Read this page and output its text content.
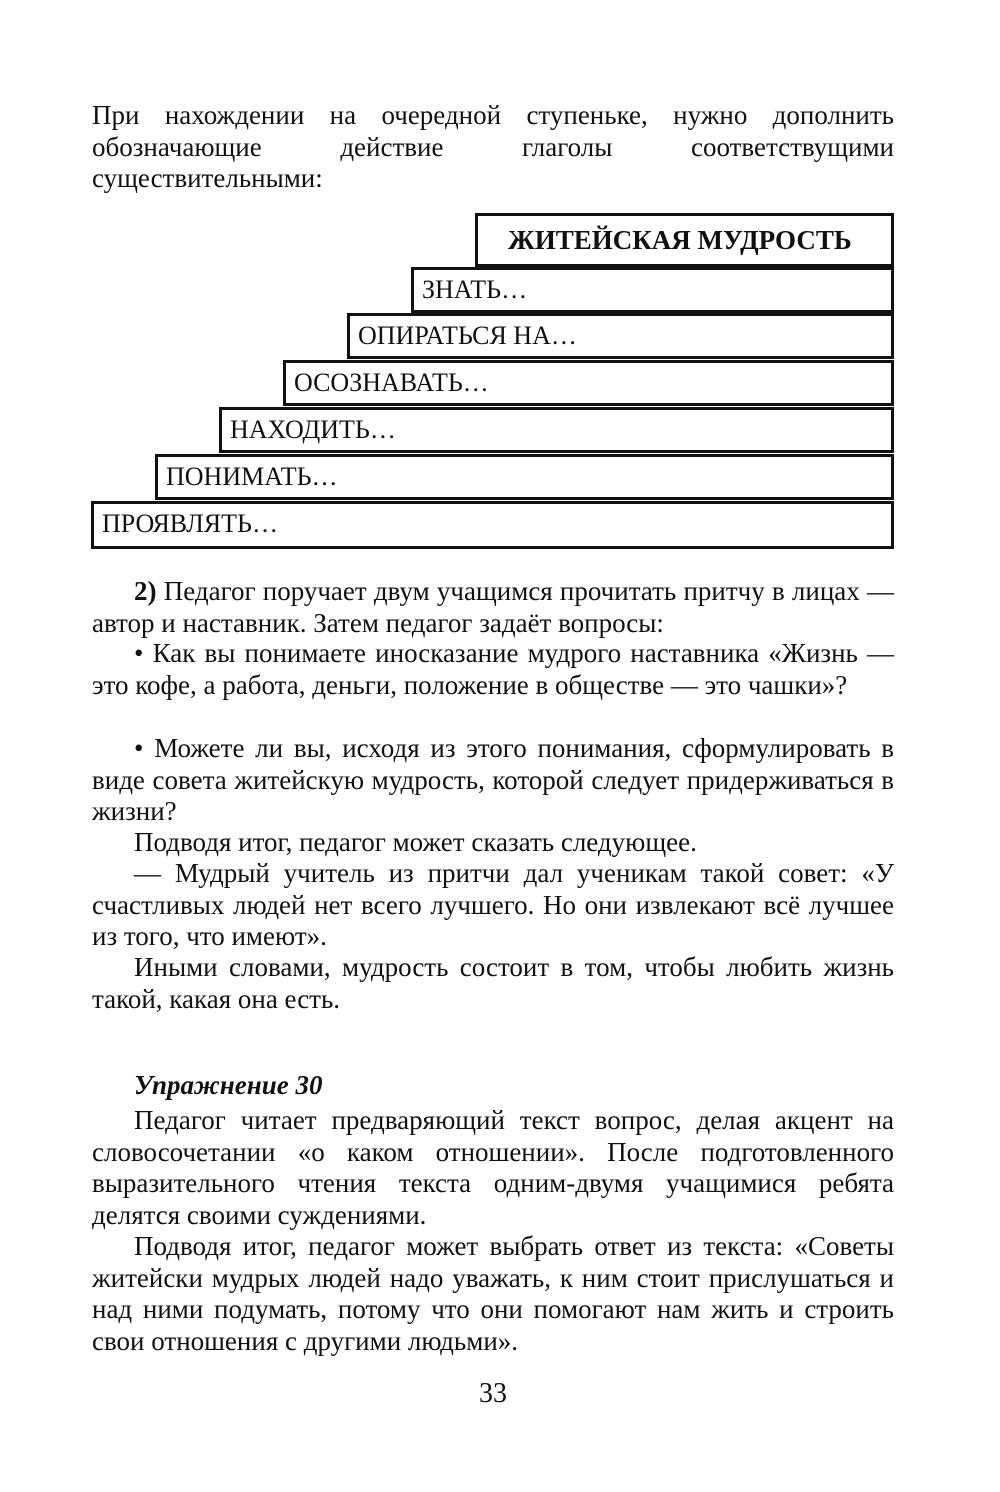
При нахождении на очередной ступеньке, нужно дополнить обозначающие действие глаголы соответствущими существительными:
ЖИТЕЙСКАЯ МУДРОСТЬ
ЗНАТЬ…
ОПИРАТЬСЯ НА…
ОСОЗНАВАТЬ…
НАХОДИТЬ…
ПОНИМАТЬ…
ПРОЯВЛЯТЬ…
2) Педагог поручает двум учащимся прочитать притчу в лицах — автор и наставник. Затем педагог задаёт вопросы:
• Как вы понимаете иносказание мудрого наставника «Жизнь — это кофе, а работа, деньги, положение в обществе — это чашки»?
• Можете ли вы, исходя из этого понимания, сформулировать в виде совета житейскую мудрость, которой следует придерживаться в жизни?
Подводя итог, педагог может сказать следующее.
— Мудрый учитель из притчи дал ученикам такой совет: «У счастливых людей нет всего лучшего. Но они извлекают всё лучшее из того, что имеют».
Иными словами, мудрость состоит в том, чтобы любить жизнь такой, какая она есть.
Упражнение 30
Педагог читает предваряющий текст вопрос, делая акцент на словосочетании «о каком отношении». После подготовленного выразительного чтения текста одним-двумя учащимися ребята делятся своими суждениями.
Подводя итог, педагог может выбрать ответ из текста: «Советы житейски мудрых людей надо уважать, к ним стоит прислушаться и над ними подумать, потому что они помогают нам жить и строить свои отношения с другими людьми».
33
